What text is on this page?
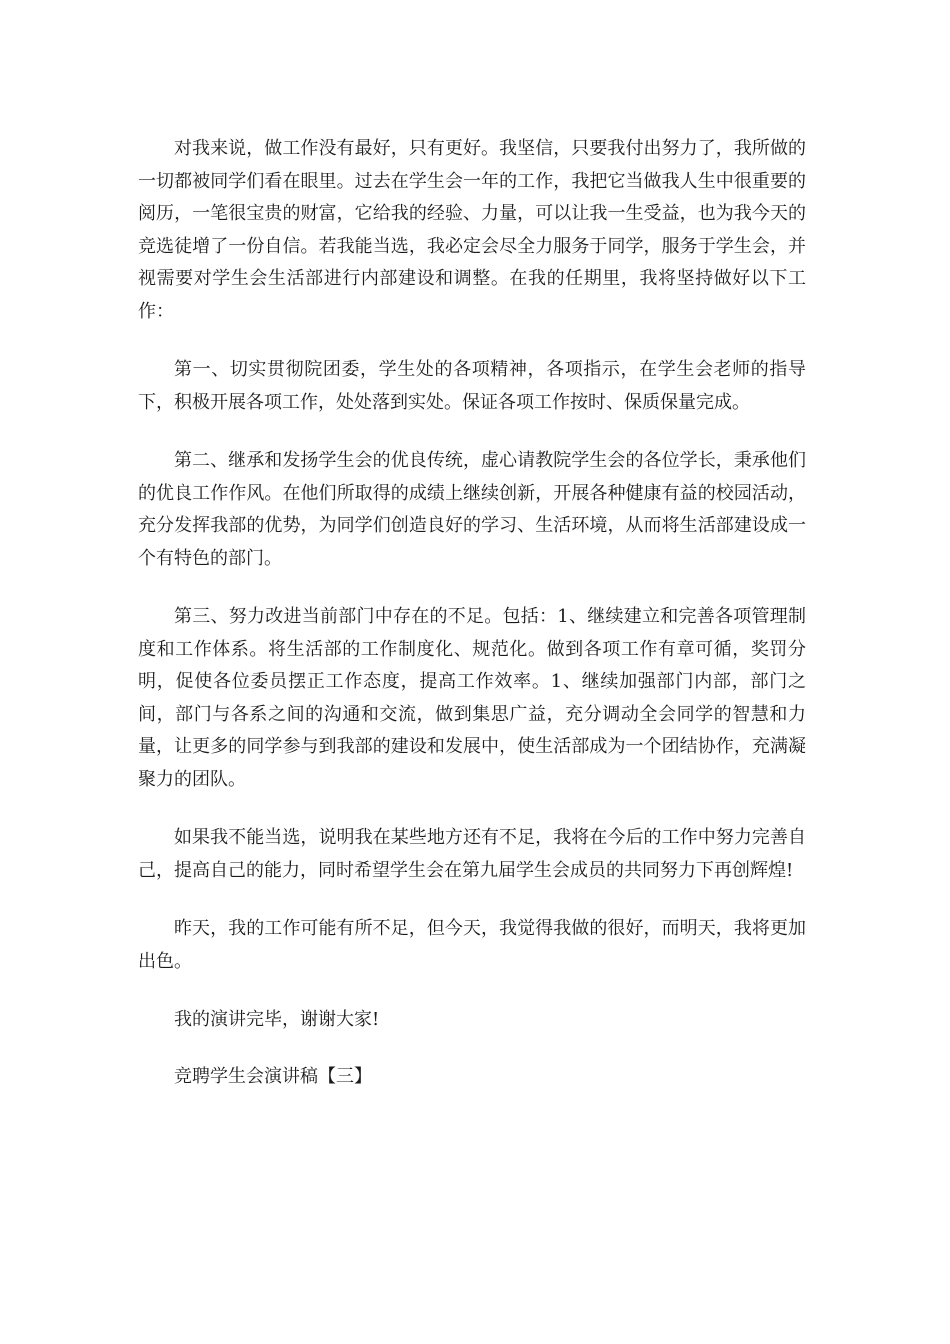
对我来说，做工作没有最好，只有更好。我坚信，只要我付出努力了，我所做的一切都被同学们看在眼里。过去在学生会一年的工作，我把它当做我人生中很重要的阅历，一笔很宝贵的财富，它给我的经验、力量，可以让我一生受益，也为我今天的竞选徒增了一份自信。若我能当选，我必定会尽全力服务于同学，服务于学生会，并视需要对学生会生活部进行内部建设和调整。在我的任期里，我将坚持做好以下工作：

第一、切实贯彻院团委，学生处的各项精神，各项指示，在学生会老师的指导下，积极开展各项工作，处处落到实处。保证各项工作按时、保质保量完成。

第二、继承和发扬学生会的优良传统，虚心请教院学生会的各位学长，秉承他们的优良工作作风。在他们所取得的成绩上继续创新，开展各种健康有益的校园活动，充分发挥我部的优势，为同学们创造良好的学习、生活环境，从而将生活部建设成一个有特色的部门。

第三、努力改进当前部门中存在的不足。包括：1、继续建立和完善各项管理制度和工作体系。将生活部的工作制度化、规范化。做到各项工作有章可循，奖罚分明，促使各位委员摆正工作态度，提高工作效率。1、继续加强部门内部，部门之间，部门与各系之间的沟通和交流，做到集思广益，充分调动全会同学的智慧和力量，让更多的同学参与到我部的建设和发展中，使生活部成为一个团结协作，充满凝聚力的团队。

如果我不能当选，说明我在某些地方还有不足，我将在今后的工作中努力完善自己，提高自己的能力，同时希望学生会在第九届学生会成员的共同努力下再创辉煌!

昨天，我的工作可能有所不足，但今天，我觉得我做的很好，而明天，我将更加出色。

我的演讲完毕，谢谢大家!

竞聘学生会演讲稿【三】
